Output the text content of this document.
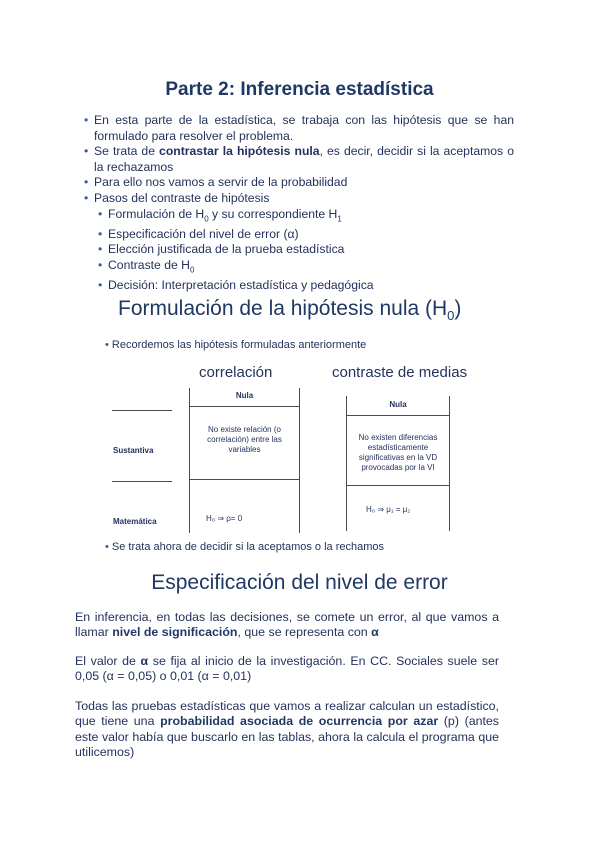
Parte 2: Inferencia estadística
• En esta parte de la estadística, se trabaja con las hipótesis que se han formulado para resolver el problema.
• Se trata de contrastar la hipótesis nula, es decir, decidir si la aceptamos o la rechazamos
• Para ello nos vamos a servir de la probabilidad
• Pasos del contraste de hipótesis
• Formulación de $H_0$ y su correspondiente $H_1$
• Especificación del nivel de error (α)
• Elección justificada de la prueba estadística
• Contraste de $H_0$
• Decisión: Interpretación estadística y pedagógica
Formulación de la hipótesis nula $(H_0)$
• Recordemos las hipótesis formuladas anteriormente
correlación	contraste de medias
Sustantiva
Matemática
Nula
No existe relación (o correlación) entre las variables
H₀ ⇒ ρ= 0
Nula
No existen diferencias estadísticamente significativas en la VD provocadas por la VI
H₀ ⇒ μ₁ = μ₂
• Se trata ahora de decidir si la aceptamos o la rechamos
Especificación del nivel de error
En inferencia, en todas las decisiones, se comete un error, al que vamos a llamar nivel de significación, que se representa con α
El valor de α se fija al inicio de la investigación. En CC. Sociales suele ser 0,05 (α = 0,05) o 0,01 (α = 0,01)
Todas las pruebas estadísticas que vamos a realizar calculan un estadístico, que tiene una probabilidad asociada de ocurrencia por azar (p) (antes este valor había que buscarlo en las tablas, ahora la calcula el programa que utilicemos)
